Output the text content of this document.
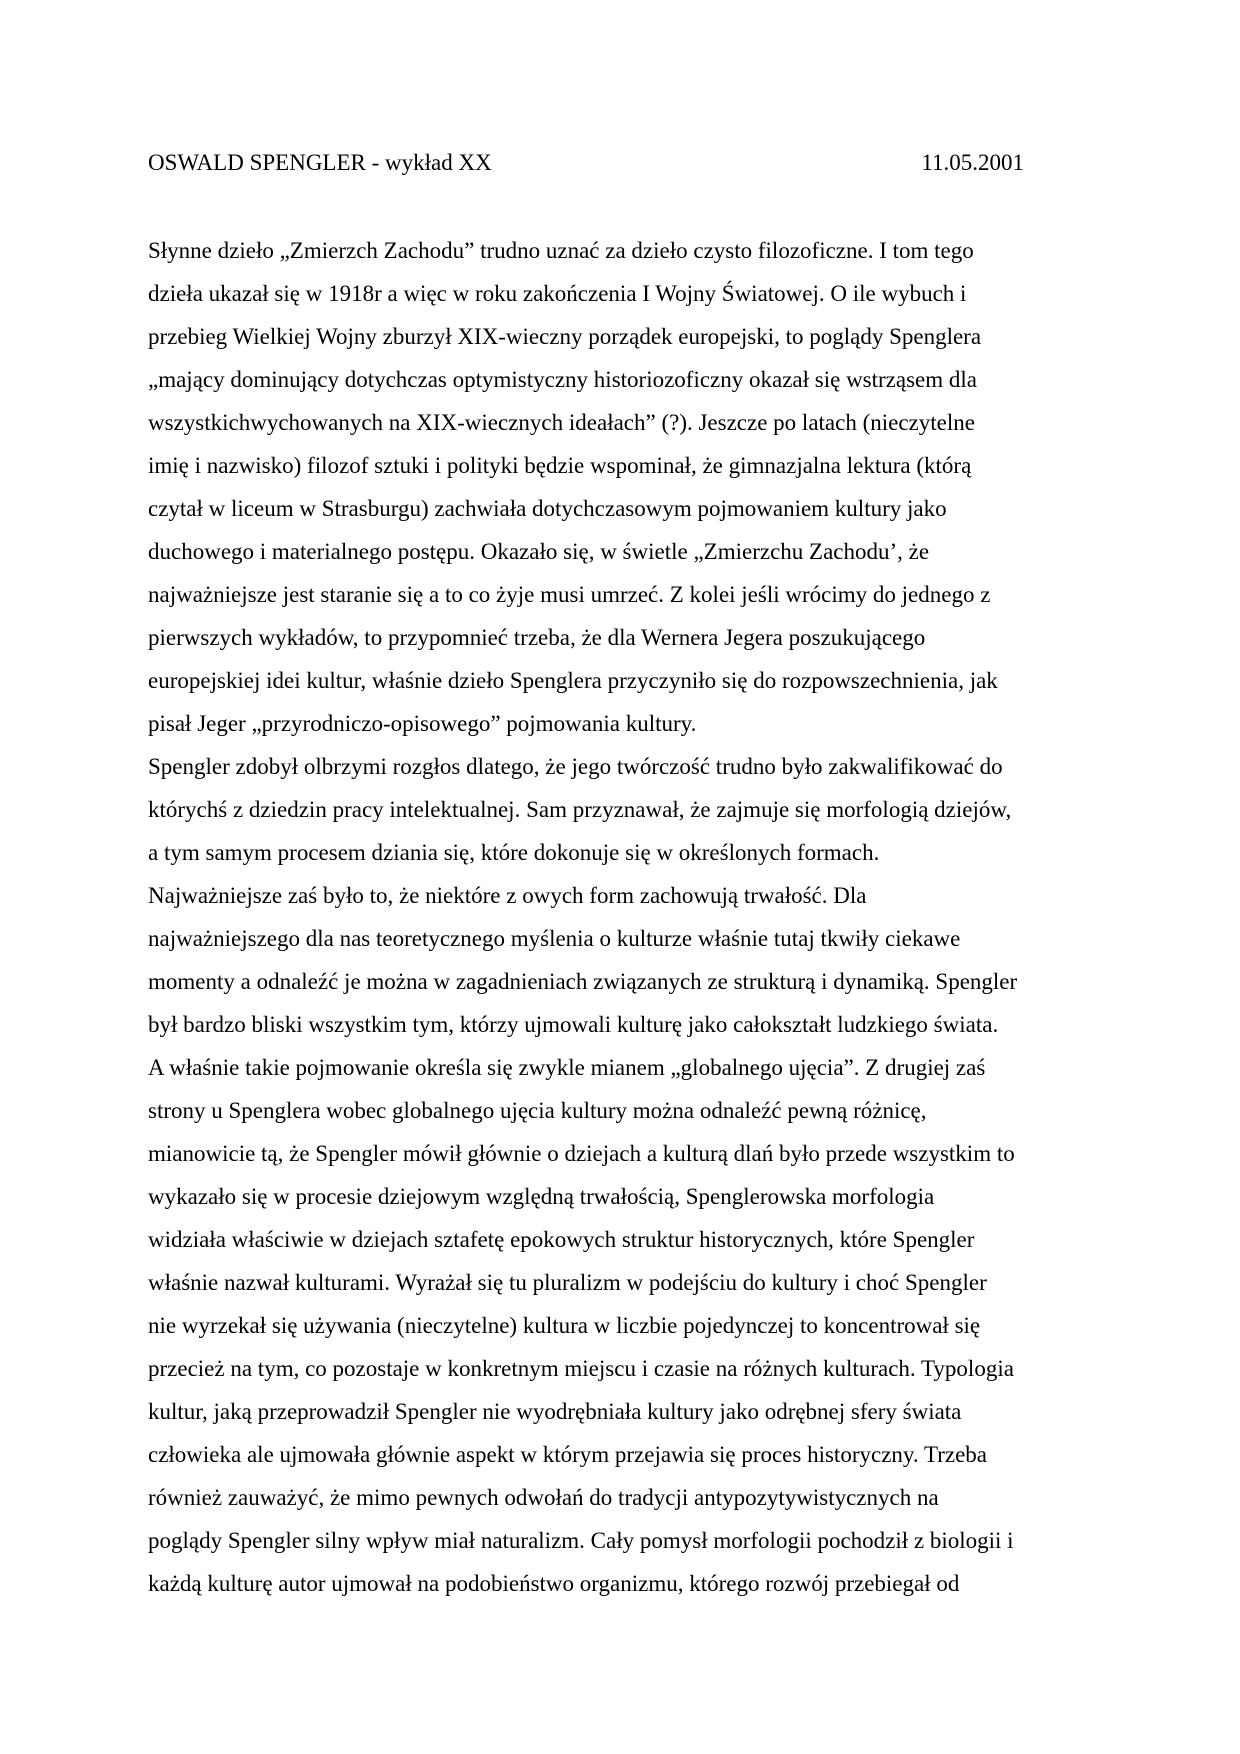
OSWALD SPENGLER - wykład XX	11.05.2001
Słynne dzieło „Zmierzch Zachodu” trudno uznać za dzieło czysto filozoficzne. I tom tego
dzieła ukazał się w 1918r a więc w roku zakończenia I Wojny Światowej. O ile wybuch i
przebieg Wielkiej Wojny zburzył XIX-wieczny porządek europejski, to poglądy Spenglera
„mający dominujący dotychczas optymistyczny historiozoficzny okazał się wstrząsem dla
wszystkichwychowanych na XIX-wiecznych ideałach” (?). Jeszcze po latach (nieczytelne
imię i nazwisko) filozof sztuki i polityki będzie wspominał, że gimnazjalna lektura (którą
czytał w liceum w Strasburgu) zachwiała dotychczasowym pojmowaniem kultury jako
duchowego i materialnego postępu. Okazało się, w świetle „Zmierzchu Zachodu’, że
najważniejsze jest staranie się a to co żyje musi umrzeć. Z kolei jeśli wrócimy do jednego z
pierwszych wykładów, to przypomnieć trzeba, że dla Wernera Jegera poszukującego
europejskiej idei kultur, właśnie dzieło Spenglera przyczyniło się do rozpowszechnienia, jak
pisał Jeger „przyrodniczo-opisowego” pojmowania kultury.
Spengler zdobył olbrzymi rozgłos dlatego, że jego twórczość trudno było zakwalifikować do
którychś z dziedzin pracy intelektualnej. Sam przyznawał, że zajmuje się morfologią dziejów,
a tym samym procesem dziania się, które dokonuje się w określonych formach.
Najważniejsze zaś było to, że niektóre z owych form zachowują trwałość. Dla
najważniejszego dla nas teoretycznego myślenia o kulturze właśnie tutaj tkwiły ciekawe
momenty a odnaleźć je można w zagadnieniach związanych ze strukturą i dynamiką. Spengler
był bardzo bliski wszystkim tym, którzy ujmowali kulturę jako całokształt ludzkiego świata.
A właśnie takie pojmowanie określa się zwykle mianem „globalnego ujęcia”. Z drugiej zaś
strony u Spenglera wobec globalnego ujęcia kultury można odnaleźć pewną różnicę,
mianowicie tą, że Spengler mówił głównie o dziejach a kulturą dlań było przede wszystkim to
wykazało się w procesie dziejowym względną trwałością, Spenglerowska morfologia
widziała właściwie w dziejach sztafetę epokowych struktur historycznych, które Spengler
właśnie nazwał kulturami. Wyrażał się tu pluralizm w podejściu do kultury i choć Spengler
nie wyrzekał się używania (nieczytelne) kultura w liczbie pojedynczej to koncentrował się
przecież na tym, co pozostaje w konkretnym miejscu i czasie na różnych kulturach. Typologia
kultur, jaką przeprowadził Spengler nie wyodrębniała kultury jako odrębnej sfery świata
człowieka ale ujmowała głównie aspekt w którym przejawia się proces historyczny. Trzeba
również zauważyć, że mimo pewnych odwołań do tradycji antypozytywistycznych na
poglądy Spengler silny wpływ miał naturalizm. Cały pomysł morfologii pochodził z biologii i
każdą kulturę autor ujmował na podobieństwo organizmu, którego rozwój przebiegał od
